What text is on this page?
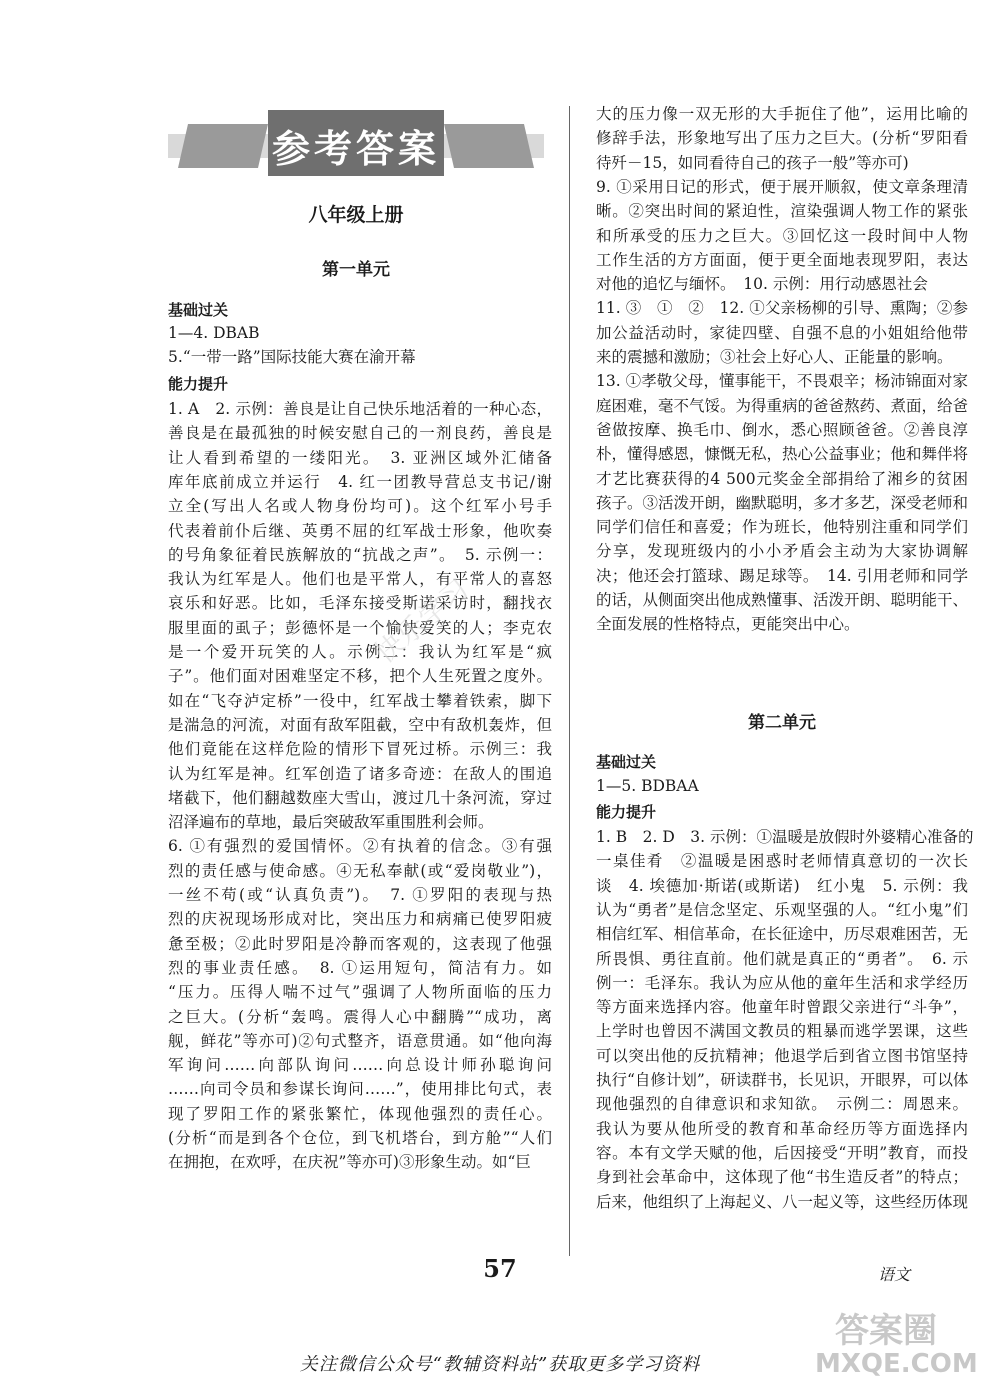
参考答案
八年级上册
第一单元
基础过关
1—4. DBAB
5.“一带一路”国际技能大赛在渝开幕
能力提升
1. A　2. 示例：善良是让自己快乐地活着的一种心态，
善良是在最孤独的时候安慰自己的一剂良药，善良是
让人看到希望的一缕阳光。　3. 亚洲区域外汇储备
库年底前成立并运行　4. 红一团教导营总支书记/谢
立全(写出人名或人物身份均可)。这个红军小号手
代表着前仆后继、英勇不屈的红军战士形象，他吹奏
的号角象征着民族解放的“抗战之声”。　5. 示例一：
我认为红军是人。他们也是平常人，有平常人的喜怒
哀乐和好恶。比如，毛泽东接受斯诺采访时，翻找衣
服里面的虱子；彭德怀是一个愉快爱笑的人；李克农
是一个爱开玩笑的人。示例二：我认为红军是“疯
子”。他们面对困难坚定不移，把个人生死置之度外。
如在“飞夺泸定桥”一役中，红军战士攀着铁索，脚下
是湍急的河流，对面有敌军阻截，空中有敌机轰炸，但
他们竟能在这样危险的情形下冒死过桥。示例三：我
认为红军是神。红军创造了诸多奇迹：在敌人的围追
堵截下，他们翻越数座大雪山，渡过几十条河流，穿过
沼泽遍布的草地，最后突破敌军重围胜利会师。
6. ①有强烈的爱国情怀。②有执着的信念。③有强
烈的责任感与使命感。④无私奉献(或“爱岗敬业”)，
一丝不苟(或“认真负责”)。　7. ①罗阳的表现与热
烈的庆祝现场形成对比，突出压力和病痛已使罗阳疲
惫至极；②此时罗阳是冷静而客观的，这表现了他强
烈的事业责任感。　8. ①运用短句，简洁有力。如
“压力。压得人喘不过气”强调了人物所面临的压力
之巨大。(分析“轰鸣。震得人心中翻腾”“成功，离
舰，鲜花”等亦可)②句式整齐，语意贯通。如“他向海
军询问……向部队询问……向总设计师孙聪询问
……向司令员和参谋长询问……”，使用排比句式，表
现了罗阳工作的紧张繁忙，体现他强烈的责任心。
(分析“而是到各个仓位，到飞机塔台，到方舱”“人们
在拥抱，在欢呼，在庆祝”等亦可)③形象生动。如“巨
大的压力像一双无形的大手扼住了他”，运用比喻的
修辞手法，形象地写出了压力之巨大。(分析“罗阳看
待歼－15，如同看待自己的孩子一般”等亦可)
9. ①采用日记的形式，便于展开顺叙，使文章条理清
晰。②突出时间的紧迫性，渲染强调人物工作的紧张
和所承受的压力之巨大。③回忆这一段时间中人物
工作生活的方方面面，便于更全面地表现罗阳，表达
对他的追忆与缅怀。　10. 示例：用行动感恩社会
11. ③　①　②　12. ①父亲杨柳的引导、熏陶；②参
加公益活动时，家徒四壁、自强不息的小姐姐给他带
来的震撼和激励；③社会上好心人、正能量的影响。
13. ①孝敬父母，懂事能干，不畏艰辛；杨沛锦面对家
庭困难，毫不气馁。为得重病的爸爸熬药、煮面，给爸
爸做按摩、换毛巾、倒水，悉心照顾爸爸。②善良淳
朴，懂得感恩，慷慨无私，热心公益事业；他和舞伴将
才艺比赛获得的4 500元奖金全部捐给了湘乡的贫困
孩子。③活泼开朗，幽默聪明，多才多艺，深受老师和
同学们信任和喜爱；作为班长，他特别注重和同学们
分享，发现班级内的小小矛盾会主动为大家协调解
决；他还会打篮球、踢足球等。　14. 引用老师和同学
的话，从侧面突出他成熟懂事、活泼开朗、聪明能干、
全面发展的性格特点，更能突出中心。
基础过关
1—5. BDBAA
能力提升
1. B　2. D　3. 示例：①温暖是放假时外婆精心准备的
一桌佳肴　②温暖是困惑时老师情真意切的一次长
谈　4. 埃德加·斯诺(或斯诺)　红小鬼　5. 示例：我
认为“勇者”是信念坚定、乐观坚强的人。“红小鬼”们
相信红军、相信革命，在长征途中，历尽艰难困苦，无
所畏惧、勇往直前。他们就是真正的“勇者”。　6. 示
例一：毛泽东。我认为应从他的童年生活和求学经历
等方面来选择内容。他童年时曾跟父亲进行“斗争”，
上学时也曾因不满国文教员的粗暴而逃学罢课，这些
可以突出他的反抗精神；他退学后到省立图书馆坚持
执行“自修计划”，研读群书，长见识，开眼界，可以体
现他强烈的自律意识和求知欲。　示例二：周恩来。
我认为要从他所受的教育和革命经历等方面选择内
容。本有文学天赋的他，后因接受“开明”教育，而投
身到社会革命中，这体现了他“书生造反者”的特点；
后来，他组织了上海起义、八一起义等，这些经历体现
第二单元
快乐学习
57	语文
答案圈
MXQE.COM
关注微信公众号“教辅资料站”获取更多学习资料
